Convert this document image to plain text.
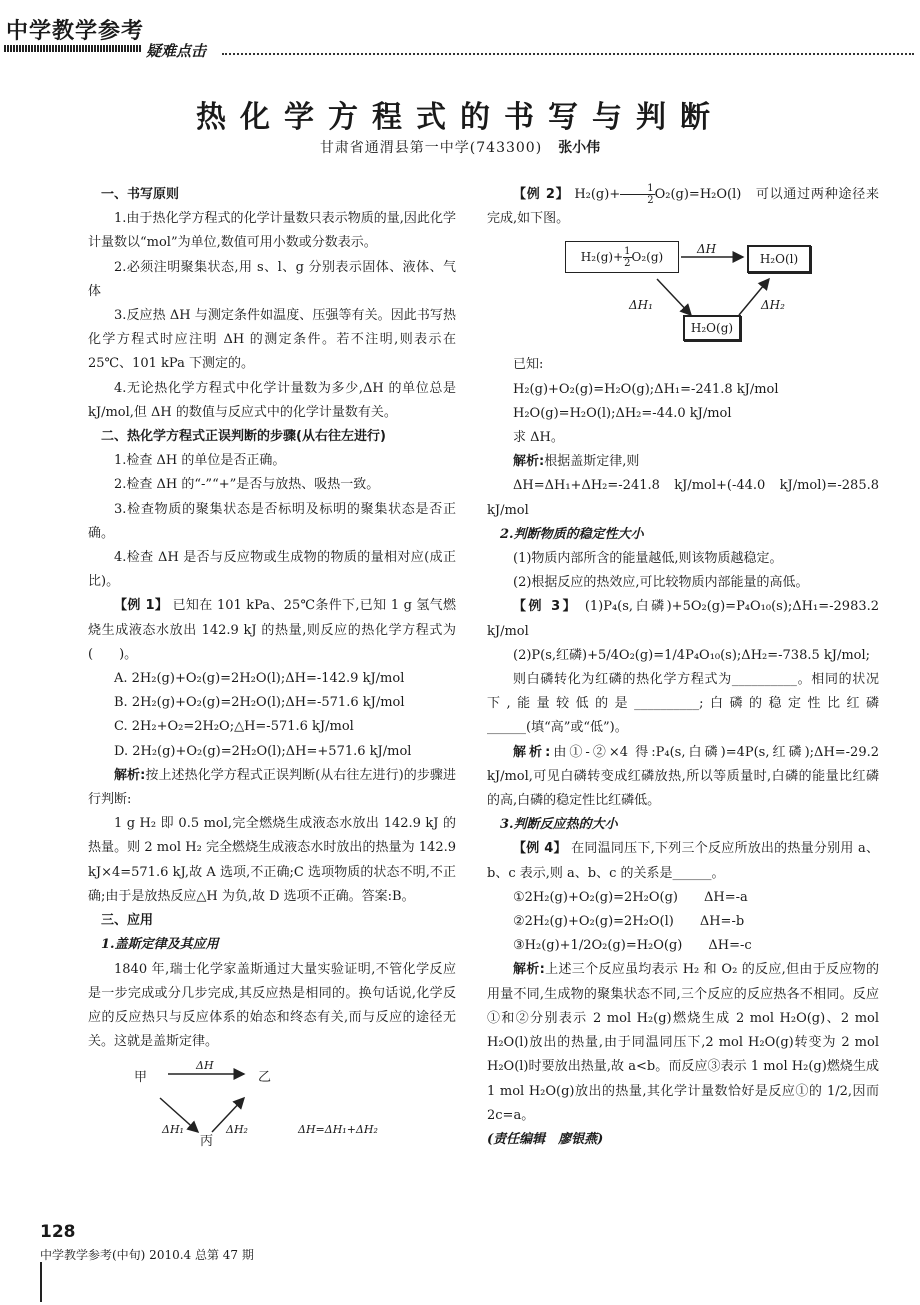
中学教学参考
疑难点击
热化学方程式的书写与判断
甘肃省通渭县第一中学(743300) 张小伟

一、书写原则

1.由于热化学方程式的化学计量数只表示物质的量,因此化学计量数以“mol”为单位,数值可用小数或分数表示。

2.必须注明聚集状态,用 s、l、g 分别表示固体、液体、气体

3.反应热 ΔH 与测定条件如温度、压强等有关。因此书写热化学方程式时应注明 ΔH 的测定条件。若不注明,则表示在 25℃、101 kPa 下测定的。

4.无论热化学方程式中化学计量数为多少,ΔH 的单位总是 kJ/mol,但 ΔH 的数值与反应式中的化学计量数有关。

二、热化学方程式正误判断的步骤(从右往左进行)

1.检查 ΔH 的单位是否正确。

2.检查 ΔH 的“-”“+”是否与放热、吸热一致。

3.检查物质的聚集状态是否标明及标明的聚集状态是否正确。

4.检查 ΔH 是否与反应物或生成物的物质的量相对应(成正比)。

【例 1】 已知在 101 kPa、25℃条件下,已知 1 g 氢气燃烧生成液态水放出 142.9 kJ 的热量,则反应的热化学方程式为(　　)。

A. 2H₂(g)+O₂(g)=2H₂O(l);ΔH=-142.9 kJ/mol

B. 2H₂(g)+O₂(g)=2H₂O(l);ΔH=-571.6 kJ/mol

C. 2H₂+O₂=2H₂O;△H=-571.6 kJ/mol

D. 2H₂(g)+O₂(g)=2H₂O(l);ΔH=+571.6 kJ/mol

解析:按上述热化学方程式正误判断(从右往左进行)的步骤进行判断:

1 g H₂ 即 0.5 mol,完全燃烧生成液态水放出 142.9 kJ 的热量。则 2 mol H₂ 完全燃烧生成液态水时放出的热量为 142.9 kJ×4=571.6 kJ,故 A 选项,不正确;C 选项物质的状态不明,不正确;由于是放热反应△H 为负,故 D 选项不正确。答案:B。

三、应用

1.盖斯定律及其应用

1840 年,瑞士化学家盖斯通过大量实验证明,不管化学反应是一步完成或分几步完成,其反应热是相同的。换句话说,化学反应的反应热只与反应体系的始态和终态有关,而与反应的途径无关。这就是盖斯定律。

甲	乙
丙
ΔH
ΔH₁	ΔH₂	ΔH=ΔH₁+ΔH₂

【例 2】 $H_2(g)+ \frac{1}{2} O_2(g)=H_2O(l)$　可以通过两种途径来完成,如下图。

$H_2(g)+ \frac{1}{2} O_2(g)$	H₂O(l)
H₂O(g)
ΔH
ΔH₁	ΔH₂

已知:

H₂(g)+O₂(g)=H₂O(g);ΔH₁=-241.8 kJ/mol

H₂O(g)=H₂O(l);ΔH₂=-44.0 kJ/mol

求 ΔH。

解析:根据盖斯定律,则

ΔH=ΔH₁+ΔH₂=-241.8 kJ/mol+(-44.0 kJ/mol)=-285.8 kJ/mol

2.判断物质的稳定性大小

(1)物质内部所含的能量越低,则该物质越稳定。

(2)根据反应的热效应,可比较物质内部能量的高低。

【例 3】 (1)P₄(s,白磷)+5O₂(g)=P₄O₁₀(s);ΔH₁=-2983.2 kJ/mol

(2)P(s,红磷)+5/4O₂(g)=1/4P₄O₁₀(s);ΔH₂=-738.5 kJ/mol;

则白磷转化为红磷的热化学方程式为__________。相同的状况下,能量较低的是__________;白磷的稳定性比红磷______(填“高”或“低”)。

解析:由①-②×4 得:P₄(s,白磷)=4P(s,红磷);ΔH=-29.2 kJ/mol,可见白磷转变成红磷放热,所以等质量时,白磷的能量比红磷的高,白磷的稳定性比红磷低。

3.判断反应热的大小

【例 4】 在同温同压下,下列三个反应所放出的热量分别用 a、b、c 表示,则 a、b、c 的关系是______。

①2H₂(g)+O₂(g)=2H₂O(g)　　ΔH=-a

②2H₂(g)+O₂(g)=2H₂O(l)　　ΔH=-b

③H₂(g)+1/2O₂(g)=H₂O(g)　　ΔH=-c

解析:上述三个反应虽均表示 H₂ 和 O₂ 的反应,但由于反应物的用量不同,生成物的聚集状态不同,三个反应的反应热各不相同。反应①和②分别表示 2 mol H₂(g)燃烧生成 2 mol H₂O(g)、2 mol H₂O(l)放出的热量,由于同温同压下,2 mol H₂O(g)转变为 2 mol H₂O(l)时要放出热量,故 a<b。而反应③表示 1 mol H₂(g)燃烧生成 1 mol H₂O(g)放出的热量,其化学计量数恰好是反应①的 1/2,因而 2c=a。

(责任编辑　廖银燕)

128
中学教学参考(中旬) 2010.4 总第 47 期
